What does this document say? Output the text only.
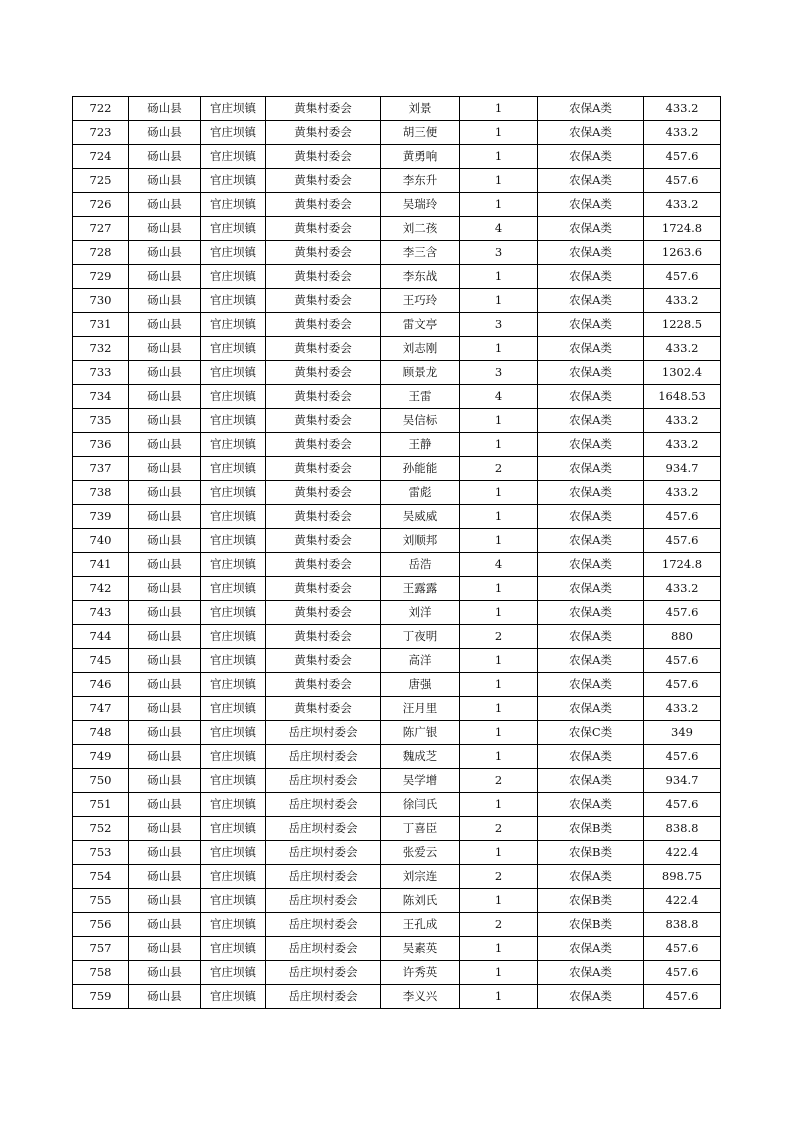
722	砀山县	官庄坝镇	黄集村委会	刘景	1	农保A类	433.2
723	砀山县	官庄坝镇	黄集村委会	胡三便	1	农保A类	433.2
724	砀山县	官庄坝镇	黄集村委会	黄勇响	1	农保A类	457.6
725	砀山县	官庄坝镇	黄集村委会	李东升	1	农保A类	457.6
726	砀山县	官庄坝镇	黄集村委会	吴瑞玲	1	农保A类	433.2
727	砀山县	官庄坝镇	黄集村委会	刘二孩	4	农保A类	1724.8
728	砀山县	官庄坝镇	黄集村委会	李三含	3	农保A类	1263.6
729	砀山县	官庄坝镇	黄集村委会	李东战	1	农保A类	457.6
730	砀山县	官庄坝镇	黄集村委会	王巧玲	1	农保A类	433.2
731	砀山县	官庄坝镇	黄集村委会	雷文亭	3	农保A类	1228.5
732	砀山县	官庄坝镇	黄集村委会	刘志刚	1	农保A类	433.2
733	砀山县	官庄坝镇	黄集村委会	顾景龙	3	农保A类	1302.4
734	砀山县	官庄坝镇	黄集村委会	王雷	4	农保A类	1648.53
735	砀山县	官庄坝镇	黄集村委会	吴信标	1	农保A类	433.2
736	砀山县	官庄坝镇	黄集村委会	王静	1	农保A类	433.2
737	砀山县	官庄坝镇	黄集村委会	孙能能	2	农保A类	934.7
738	砀山县	官庄坝镇	黄集村委会	雷彪	1	农保A类	433.2
739	砀山县	官庄坝镇	黄集村委会	吴威威	1	农保A类	457.6
740	砀山县	官庄坝镇	黄集村委会	刘顺邦	1	农保A类	457.6
741	砀山县	官庄坝镇	黄集村委会	岳浩	4	农保A类	1724.8
742	砀山县	官庄坝镇	黄集村委会	王露露	1	农保A类	433.2
743	砀山县	官庄坝镇	黄集村委会	刘洋	1	农保A类	457.6
744	砀山县	官庄坝镇	黄集村委会	丁夜明	2	农保A类	880
745	砀山县	官庄坝镇	黄集村委会	高洋	1	农保A类	457.6
746	砀山县	官庄坝镇	黄集村委会	唐强	1	农保A类	457.6
747	砀山县	官庄坝镇	黄集村委会	汪月里	1	农保A类	433.2
748	砀山县	官庄坝镇	岳庄坝村委会	陈广银	1	农保C类	349
749	砀山县	官庄坝镇	岳庄坝村委会	魏成芝	1	农保A类	457.6
750	砀山县	官庄坝镇	岳庄坝村委会	吴学增	2	农保A类	934.7
751	砀山县	官庄坝镇	岳庄坝村委会	徐闫氏	1	农保A类	457.6
752	砀山县	官庄坝镇	岳庄坝村委会	丁喜臣	2	农保B类	838.8
753	砀山县	官庄坝镇	岳庄坝村委会	张爱云	1	农保B类	422.4
754	砀山县	官庄坝镇	岳庄坝村委会	刘宗连	2	农保A类	898.75
755	砀山县	官庄坝镇	岳庄坝村委会	陈刘氏	1	农保B类	422.4
756	砀山县	官庄坝镇	岳庄坝村委会	王孔成	2	农保B类	838.8
757	砀山县	官庄坝镇	岳庄坝村委会	吴素英	1	农保A类	457.6
758	砀山县	官庄坝镇	岳庄坝村委会	许秀英	1	农保A类	457.6
759	砀山县	官庄坝镇	岳庄坝村委会	李义兴	1	农保A类	457.6
